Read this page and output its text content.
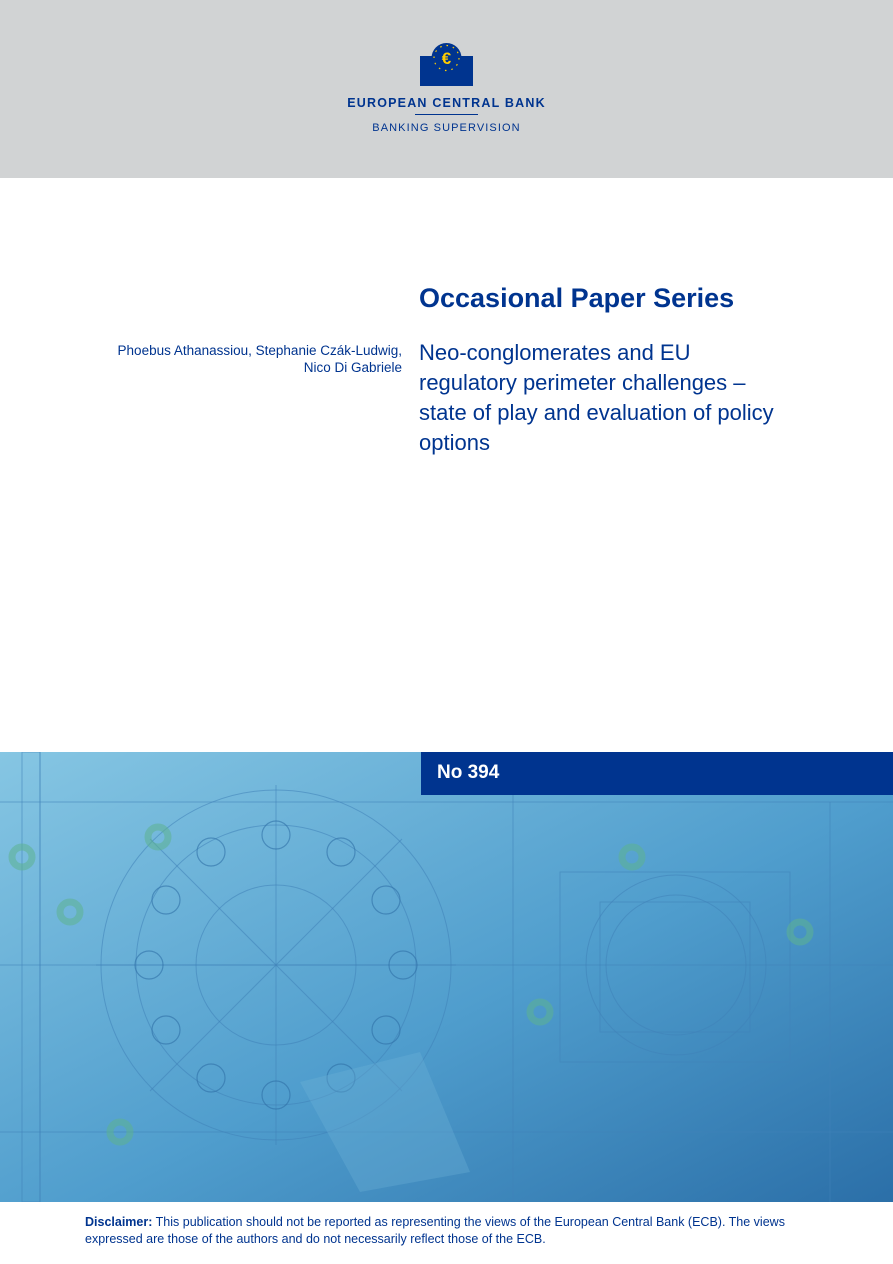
€
EUROPEAN CENTRAL BANK
BANKING SUPERVISION
Occasional Paper Series
Phoebus Athanassiou, Stephanie Czák-Ludwig,
Nico Di Gabriele
Neo-conglomerates and EU
regulatory perimeter challenges –
state of play and evaluation of policy
options
No 394
Disclaimer: This publication should not be reported as representing the views of the European Central Bank (ECB). The views expressed are those of the authors and do not necessarily reflect those of the ECB.
